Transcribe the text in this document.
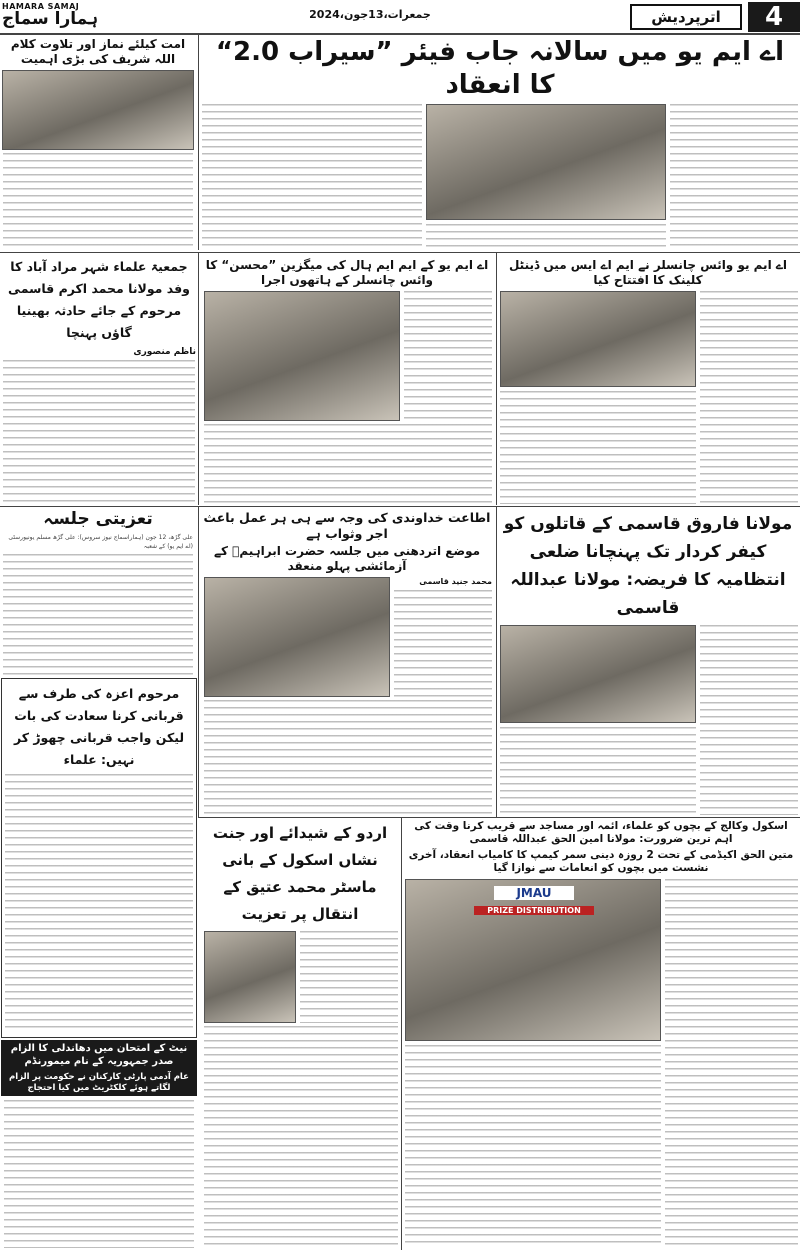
HAMARA SAMAJ
ہمارا سماج	جمعرات،13جون،2024	اترپردیش	4
امت کیلئے نماز اور تلاوت کلام اللہ شریف کی بڑی اہمیت	اے ایم یو میں سالانہ جاب فیئر ”سیراب 2.0“ کا انعقاد
جمعیۃ علماء شہر مراد آباد کا وفد مولانا محمد اکرم قاسمی مرحوم کے جائے حادثہ بھینیا گاؤں پہنچا
ناظم منصوری
اے ایم یو کے ایم ایم ہال کی میگزین ”محسن“ کا وائس چانسلر کے ہاتھوں اجرا
اے ایم یو وائس چانسلر نے ایم اے ایس میں ڈینٹل کلینک کا افتتاح کیا
تعزیتی جلسہ
علی گڑھ، 12 جون (ہماراسماج نیوز سروس): علی گڑھ مسلم یونیورسٹی (اے ایم یو) کے شعبہ
اطاعت خداوندی کی وجہ سے ہی ہر عمل باعث اجر وثواب ہے
موضع اتردھنی میں جلسہ حضرت ابراہیمؑ کے آزمائشی پہلو منعقد
محمد جنید قاسمی
مولانا فاروق قاسمی کے قاتلوں کو کیفر کردار تک پہنچانا ضلعی انتظامیہ کا فریضہ: مولانا عبداللہ قاسمی
مرحوم اعزہ کی طرف سے قربانی کرنا سعادت کی بات لیکن واجب قربانی چھوڑ کر نہیں: علماء
اردو کے شیدائے اور جنت نشاں اسکول کے بانی ماسٹر محمد عتیق کے انتقال پر تعزیت
اسکول وکالج کے بچوں کو علماء، ائمہ اور مساجد سے قریب کرنا وقت کی اہم ترین ضرورت: مولانا امین الحق عبداللہ قاسمی
متین الحق اکیڈمی کے تحت 2 روزہ دینی سمر کیمپ کا کامیاب انعقاد، آخری نشست میں بچوں کو انعامات سے نوازا گیا
JMAU
PRIZE DISTRIBUTION
نیٹ کے امتحان میں دھاندلی کا الزام صدر جمہوریہ کے نام میمورنڈم
عام آدمی پارٹی کارکنان نے حکومت پر الزام لگاتے ہوئے کلکٹریٹ میں کیا احتجاج
